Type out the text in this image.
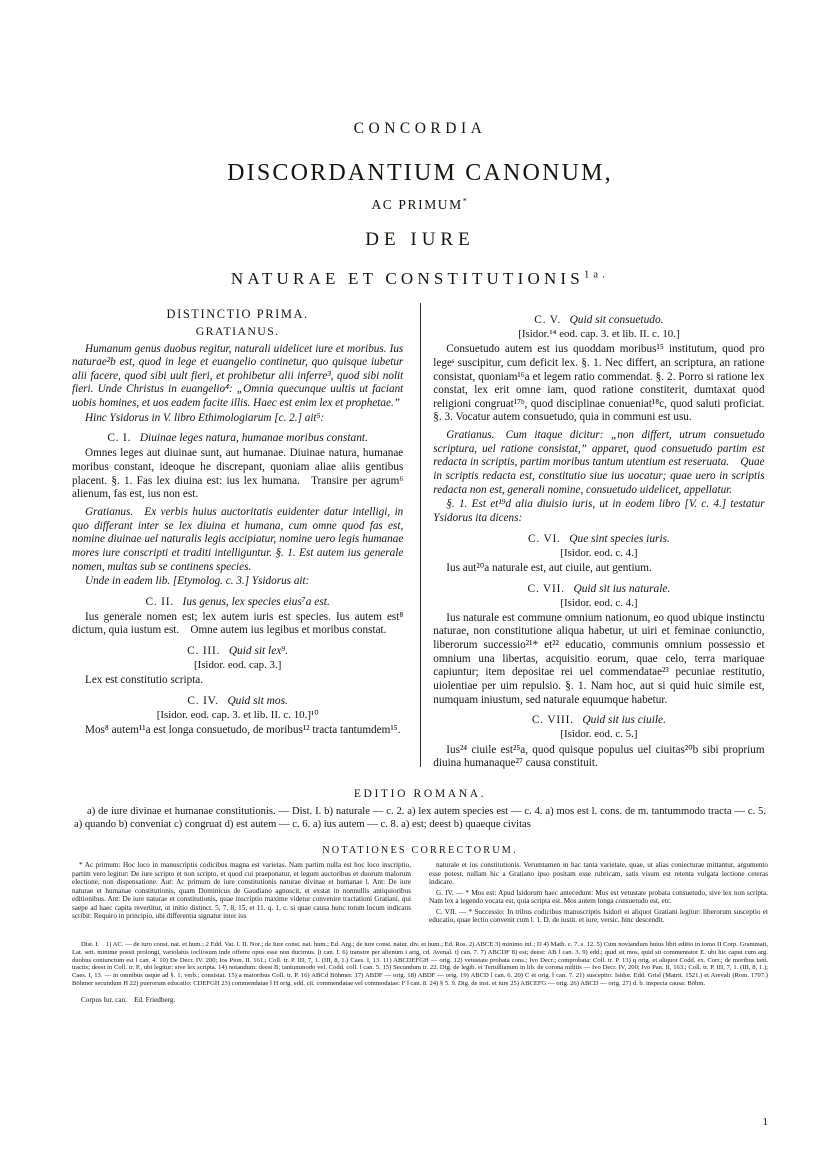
CONCORDIA
DISCORDANTIUM CANONUM,
AC PRIMUM*
DE IURE
NATURAE ET $CONSTITUTIONIS^{1a.}$
DISTINCTIO PRIMA.
GRATIANUS.

Humanum genus duobus regitur, naturali uidelicet iure et moribus. Ius naturae²b est, quod in lege et euangelio continetur, quo quisque iubetur alii facere, quod sibi uult fieri, et prohibetur alii inferre³, quod sibi nolit fieri. Unde Christus in euangelio⁴: „Omnia quecunque uultis ut faciant uobis homines, et uos eadem facite illis. Haec est enim lex et prophetae.”

Hinc Ysidorus in V. libro Ethimologiarum [c. 2.] ait⁵:

C. I. Diuinae leges natura, humanae moribus constant.

Omnes leges aut diuinae sunt, aut humanae. Diuinae natura, humanae moribus constant, ideoque he discrepant, quoniam aliae aliis gentibus placent. §. 1. Fas lex diuina est: ius lex humana. Transire per agrum⁶ alienum, fas est, ius non est.

Gratianus. Ex verbis huius auctoritatis euidenter datur intelligi, in quo differant inter se lex diuina et humana, cum omne quod fas est, nomine diuinae uel naturalis legis accipiatur, nomine uero legis humanae mores iure conscripti et traditi intelliguntur. §. 1. Est autem ius generale nomen, multas sub se continens species.

Unde in eadem lib. [Etymolog. c. 3.] Ysidorus ait:

C. II. Ius genus, lex species eius⁷a est.

Ius generale nomen est; lex autem iuris est species. Ius autem est⁸ dictum, quia iustum est. Omne autem ius legibus et moribus constat.

C. III. Quid sit lex⁹.
[Isidor. eod. cap. 3.]

Lex est constitutio scripta.

C. IV. Quid sit mos.
[Isidor. eod. cap. 3. et lib. II. c. 10.]¹⁰

Mos⁸ autem¹¹a est longa consuetudo, de moribus¹² tracta tantumdem¹⁵.

C. V. Quid sit consuetudo.
[Isidor.¹⁴ eod. cap. 3. et lib. II. c. 10.]

Consuetudo autem est ius quoddam moribus¹⁵ institutum, quod pro legeˢ suscipitur, cum deficit lex. §. 1. Nec differt, an scriptura, an ratione consistat, quoniam¹⁶a et legem ratio commendat. §. 2. Porro si ratione lex constat, lex erit omne iam, quod ratione constiterit, dumtaxat quod religioni congruat¹⁷ᵇ, quod disciplinae conueniat¹⁸c, quod saluti proficiat. §. 3. Vocatur autem consuetudo, quia in communi est usu.

Gratianus. Cum itaque dicitur: „non differt, utrum consuetudo scriptura, uel ratione consistat,” apparet, quod consuetudo partim est redacta in scriptis, partim moribus tantum utentium est reseruata. Quae in scriptis redacta est, constitutio siue ius uocatur; quae uero in scriptis redacta non est, generali nomine, consuetudo uidelicet, appellatur.

§. 1. Est et¹⁹d alia diuisio iuris, ut in eodem libro [V. c. 4.] testatur Ysidorus ita dicens:

C. VI. Que sint species iuris.
[Isidor. eod. c. 4.]

Ius aut²⁰a naturale est, aut ciuile, aut gentium.

C. VII. Quid sit ius naturale.
[Isidor. eod. c. 4.]

Ius naturale est commune omnium nationum, eo quod ubique instinctu naturae, non constitutione aliqua habetur, ut uiri et feminae coniunctio, liberorum successio²¹* et²² educatio, communis omnium possessio et omnium una libertas, acquisitio eorum, quae celo, terra mariquae capiuntur; item depositae rei uel commendatae²³ pecuniae restitutio, uiolentiae per uim repulsio. §. 1. Nam hoc, aut si quid huic simile est, numquam iniustum, sed naturale equumque habetur.

C. VIII. Quid sit ius ciuile.
[Isidor. eod. c. 5.]

Ius²⁴ ciuile est²⁵a, quod quisque populus uel ciuitas²⁰b sibi proprium diuina humanaque²⁷ causa constituit.

EDITIO ROMANA.

a) de iure divinae et humanae constitutionis. — Dist. I. b) naturale — c. 2. a) lex autem species est — c. 4. a) mos est l. cons. de m. tantummodo tracta — c. 5. a) quando b) conveniat c) congruat d) est autem — c. 6. a) ius autem — c. 8. a) est; deest b) quaeque civitas

NOTATIONES CORRECTORUM.

* Ac primum: Hoc loco in manuscriptis codicibus magna est varietas. Nam partim nulla est hoc loco inscriptio, partim vero legitur: De iure scripto et non scripto, et quod cui praeponatur, et legum auctoribus et duorum malorum electione, non dispensatione. Aut: Ac primum de iure constitutionis naturae divinae et humanae l. Ant: De iure naturae et humanae constitutionis, quam Dominicus de Gaudiano agnoscit, et exstat in nonnullis antiquioribus editionibus. Ant: De iure naturae et constitutionis, quae inscriptio maxime videtur convenire tractationi Gratiani, qui saepe ad haec capita revertitur, ut initio distinct. 5, 7, 8, 15, et 11. q. 1, c. si quae causa hunc totum locum indicans scribit: Requiro in principio, ubi differentia signatur inter ius

naturale et ius constitutionis. Verumtamen in hac tanta varietate, quae, ut alias coniecturae mittantur, argumento esse potest, nullam hic a Gratiano ipso positam esse rubricam, satis visum est retenta vulgata lectione ceteras indicare.

G. IV. — * Mos est: Apud Isidorum haec antecedunt: Mos est vetustate probata consuetudo, sive lex non scripta. Nam lex a legendo vocata est, quia scripta est. Mos autem longa consuetudo est, etc.

C. VII. — * Successio: In tribus codicibus manuscriptis Isidori et aliquot Gratiani legitur: liberorum susceptio et educatio, quae lectio convenit cum l. 1. D. de iustit. et iure, versic. hinc descendit.

Dist. I. 1) AC. — de iuro const. nat. et hum.; 2 Edd. Vat. I. II. Nor.; de Iure const. nat. hum.; Ed. Arg.; de iure const. natur. div. et hum.; Ed. Ros. 2) ABCE 3) minimo inf.; D 4) Math. c. 7. s. 12. 5) Cum noviandum huius libri editio in tomo II Corp. Grammati, Lat. sett. minime possit prolongi, variolatus iocliosum inde offerre opus esse non ducimus. [t can. I. 6) transire per alienum i arig, cd. Avenal. t] can. 7. 7) ABCDF 8) est; deest: AB ‖ can. 3. 9) edd.; quid sit mos, quid sit commentator E. ubi hic caput cum arg. duobus coniunctum est ‖ can. 4. 10) De Decr. IV. 200; Ios Pion. II. 161.; Coll. tr. P. III, 7, 1. (III, 8, 1.) Caes. I, 13. 11) ABCDEFGH — orig. 12) vetustate probata cons.; Ivo Decr.; comprobata: Coll. tr. P. 13) q orig. et aliquot Codd. ex. Corr.; de moribus tant. tractis; deest in Coll. tr. P., ubi legitur: sive lex scripta. 14) notandum: deest B; tantummodo vel. Codd. coll. ‖ can. 5. 15) Secundum tr. 22. Dig. de legib. et Tertullianum in lib. de corona militis — Ivo Decr. IV, 200; Ivo Pan. II, 163.; Coll. tr. P. III, 7, 1. (III, 8, 1.); Caes. I, 13. — in omnibus usque ad §. 1. verb.; consistat. 15) a maioribus Coll. tr. P. 16) ABCd Böhmer. 17) ABDF — orig. 18) ABDF — orig. 19) ABCD l can. 6. 20) C et orig. ‖ can. 7. 21) susceptio: Isidor. Edd. Grisl (Matrit. 1521.) et Arevali (Rom. 1797.) Böhmer secundum H 22) puerorum educatio: CDEFGH 23) commendatae ‖ H orig. edd. cit. commendatae vel commodatae: F ‖ can. 8. 24) § 5. 9. Dig. de inst. et iure 25) ABCEFG — orig. 26) ABCD — orig. 27) d. b. inspecta causa: Böhm.

Corpus Iur. can. Ed. Friedberg.
1
